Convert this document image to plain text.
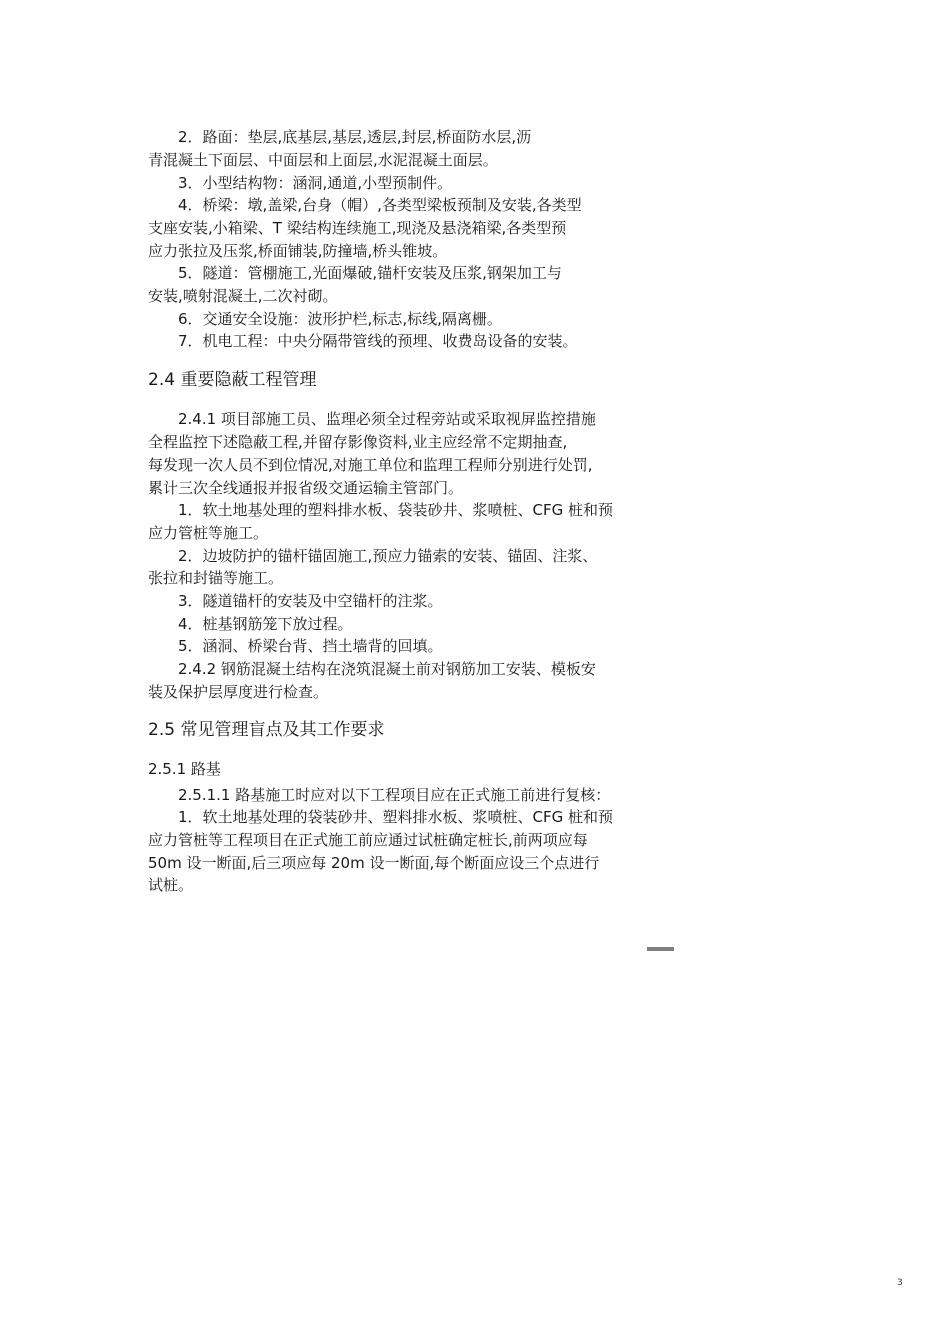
2．路面：垫层,底基层,基层,透层,封层,桥面防水层,沥
青混凝土下面层、中面层和上面层,水泥混凝土面层。
3．小型结构物：涵洞,通道,小型预制件。
4．桥梁：墩,盖梁,台身（帽）,各类型梁板预制及安装,各类型
支座安装,小箱梁、T 梁结构连续施工,现浇及悬浇箱梁,各类型预
应力张拉及压浆,桥面铺装,防撞墙,桥头锥坡。
5．隧道：管棚施工,光面爆破,锚杆安装及压浆,钢架加工与
安装,喷射混凝土,二次衬砌。
6．交通安全设施：波形护栏,标志,标线,隔离栅。
7．机电工程：中央分隔带管线的预埋、收费岛设备的安装。
2.4 重要隐蔽工程管理
2.4.1 项目部施工员、监理必须全过程旁站或采取视屏监控措施
全程监控下述隐蔽工程,并留存影像资料,业主应经常不定期抽查,
每发现一次人员不到位情况,对施工单位和监理工程师分别进行处罚,
累计三次全线通报并报省级交通运输主管部门。
1．软土地基处理的塑料排水板、袋装砂井、浆喷桩、CFG 桩和预
应力管桩等施工。
2．边坡防护的锚杆锚固施工,预应力锚索的安装、锚固、注浆、
张拉和封锚等施工。
3．隧道锚杆的安装及中空锚杆的注浆。
4．桩基钢筋笼下放过程。
5．涵洞、桥梁台背、挡土墙背的回填。
2.4.2 钢筋混凝土结构在浇筑混凝土前对钢筋加工安装、模板安
装及保护层厚度进行检查。
2.5 常见管理盲点及其工作要求
2.5.1 路基
2.5.1.1 路基施工时应对以下工程项目应在正式施工前进行复核：
1．软土地基处理的袋装砂井、塑料排水板、浆喷桩、CFG 桩和预
应力管桩等工程项目在正式施工前应通过试桩确定桩长,前两项应每
50m 设一断面,后三项应每 20m 设一断面,每个断面应设三个点进行
试桩。
3
